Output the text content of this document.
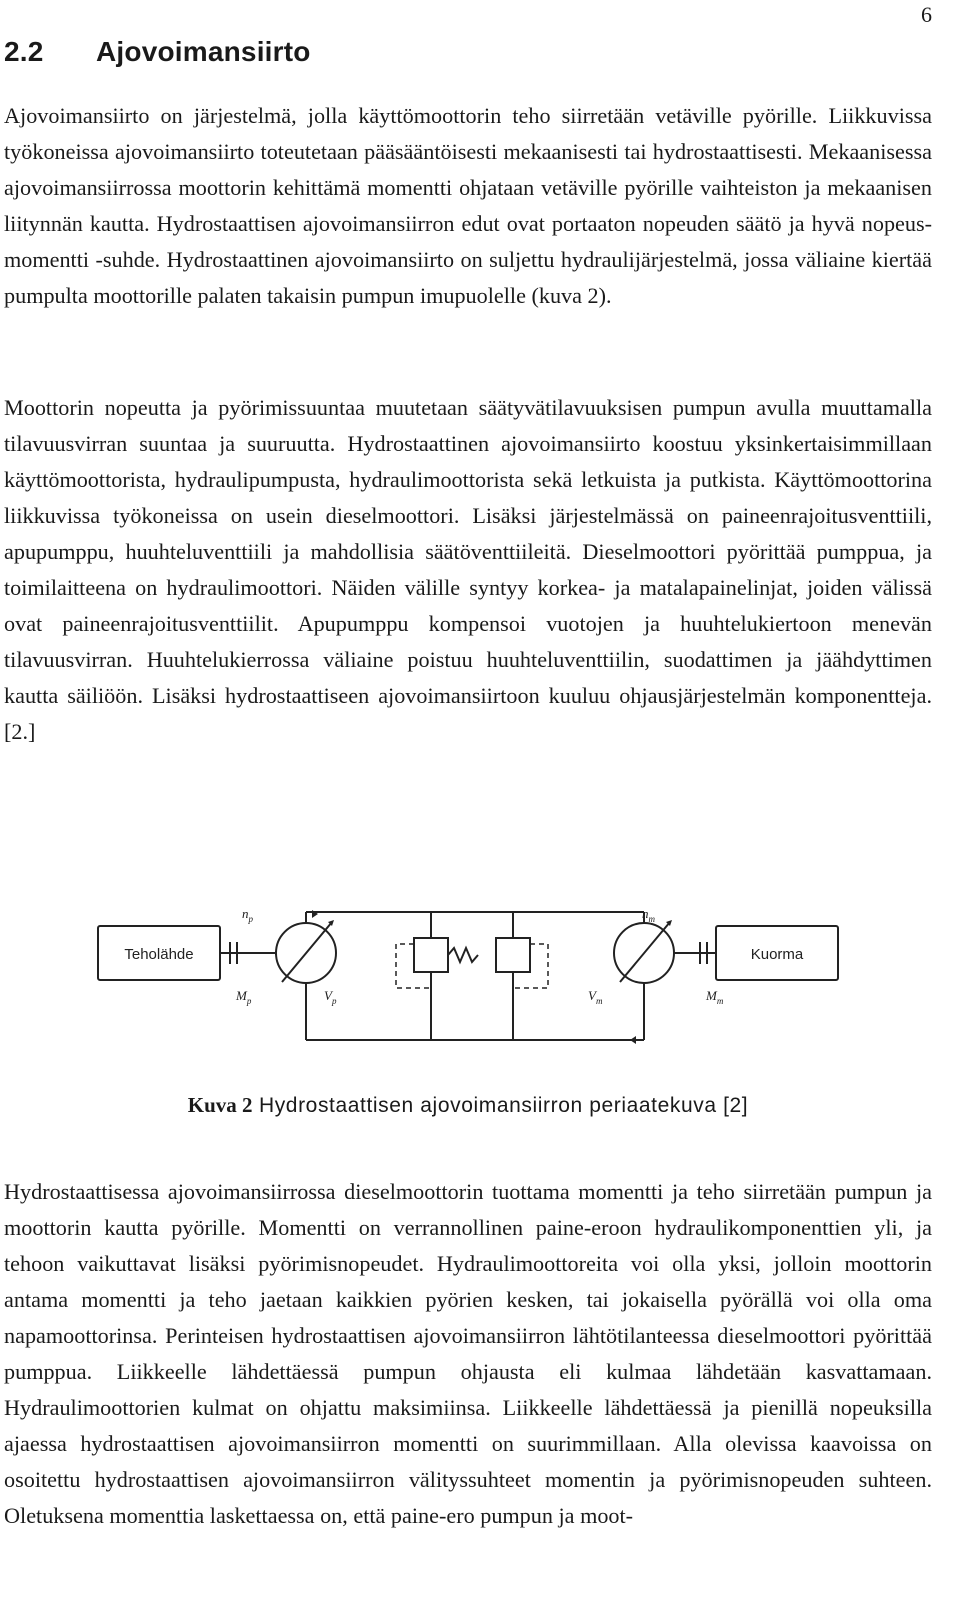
6
2.2 Ajovoimansiirto

Ajovoimansiirto on järjestelmä, jolla käyttömoottorin teho siirretään vetäville pyörille. Liikkuvissa työkoneissa ajovoimansiirto toteutetaan pääsääntöisesti mekaanisesti tai hydrostaattisesti. Mekaanisessa ajovoimansiirrossa moottorin kehittämä momentti ohjataan vetäville pyörille vaihteiston ja mekaanisen liitynnän kautta. Hydrostaattisen ajovoimansiirron edut ovat portaaton nopeuden säätö ja hyvä nopeus-momentti -suhde. Hydrostaattinen ajovoimansiirto on suljettu hydraulijärjestelmä, jossa väliaine kiertää pumpulta moottorille palaten takaisin pumpun imupuolelle (kuva 2).

Moottorin nopeutta ja pyörimissuuntaa muutetaan säätyvätilavuuksisen pumpun avulla muuttamalla tilavuusvirran suuntaa ja suuruutta. Hydrostaattinen ajovoimansiirto koostuu yksinkertaisimmillaan käyttömoottorista, hydraulipumpusta, hydraulimoottorista sekä letkuista ja putkista. Käyttömoottorina liikkuvissa työkoneissa on usein dieselmoottori. Lisäksi järjestelmässä on paineenrajoitusventtiili, apupumppu, huuhteluventtiili ja mahdollisia säätöventtiileitä. Dieselmoottori pyörittää pumppua, ja toimilaitteena on hydraulimoottori. Näiden välille syntyy korkea- ja matalapainelinjat, joiden välissä ovat paineenrajoitusventtiilit. Apupumppu kompensoi vuotojen ja huuhtelukiertoon menevän tilavuusvirran. Huuhtelukierrossa väliaine poistuu huuhteluventtiilin, suodattimen ja jäähdyttimen kautta säiliöön. Lisäksi hydrostaattiseen ajovoimansiirtoon kuuluu ohjausjärjestelmän komponentteja. [2.]

Teholähde	Kuorma
$n_p$
$M_p$	$V_p$
$n_m$
$M_m$
$V_m$
Kuva 2 Hydrostaattisen ajovoimansiirron periaatekuva [2]

Hydrostaattisessa ajovoimansiirrossa dieselmoottorin tuottama momentti ja teho siirretään pumpun ja moottorin kautta pyörille. Momentti on verrannollinen paine-eroon hydraulikomponenttien yli, ja tehoon vaikuttavat lisäksi pyörimisnopeudet. Hydraulimoottoreita voi olla yksi, jolloin moottorin antama momentti ja teho jaetaan kaikkien pyörien kesken, tai jokaisella pyörällä voi olla oma napamoottorinsa. Perinteisen hydrostaattisen ajovoimansiirron lähtötilanteessa dieselmoottori pyörittää pumppua. Liikkeelle lähdettäessä pumpun ohjausta eli kulmaa lähdetään kasvattamaan. Hydraulimoottorien kulmat on ohjattu maksimiinsa. Liikkeelle lähdettäessä ja pienillä nopeuksilla ajaessa hydrostaattisen ajovoimansiirron momentti on suurimmillaan. Alla olevissa kaavoissa on osoitettu hydrostaattisen ajovoimansiirron välityssuhteet momentin ja pyörimisnopeuden suhteen. Oletuksena momenttia laskettaessa on, että paine-ero pumpun ja moot-
